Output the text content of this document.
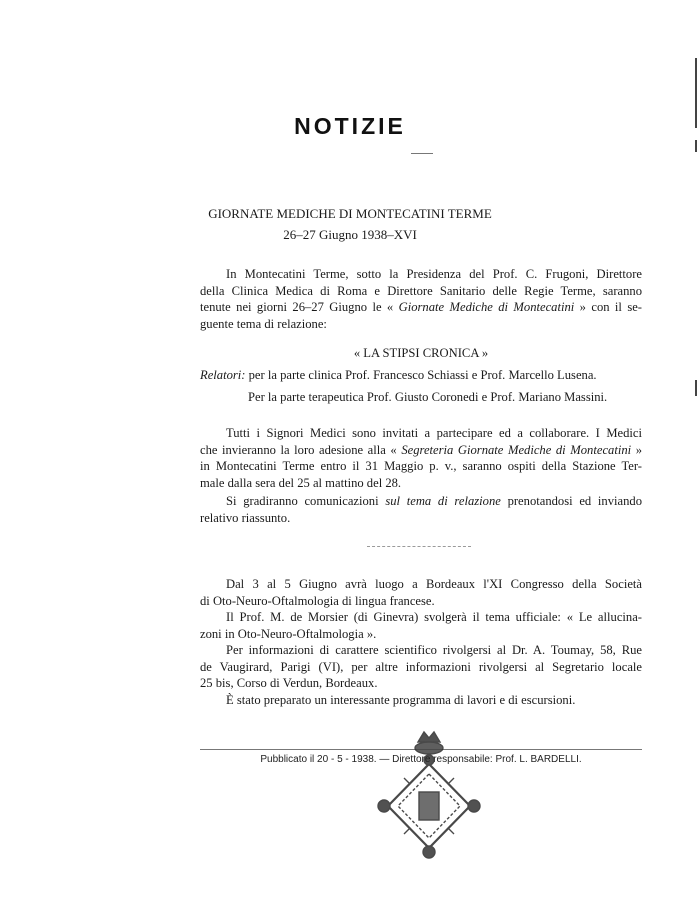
NOTIZIE
GIORNATE MEDICHE DI MONTECATINI TERME
26–27 Giugno 1938–XVI
In Montecatini Terme, sotto la Presidenza del Prof. C. Frugoni, Direttore
della Clinica Medica di Roma e Direttore Sanitario delle Regie Terme, saranno
tenute nei giorni 26–27 Giugno le « Giornate Mediche di Montecatini » con il se-
guente tema di relazione:
« LA STIPSI CRONICA »
Relatori: per la parte clinica Prof. Francesco Schiassi e Prof. Marcello Lusena.
Per la parte terapeutica Prof. Giusto Coronedi e Prof. Mariano Massini.
Tutti i Signori Medici sono invitati a partecipare ed a collaborare. I Medici
che invieranno la loro adesione alla « Segreteria Giornate Mediche di Montecatini »
in Montecatini Terme entro il 31 Maggio p. v., saranno ospiti della Stazione Ter-
male dalla sera del 25 al mattino del 28.
Si gradiranno comunicazioni sul tema di relazione prenotandosi ed inviando
relativo riassunto.
Dal 3 al 5 Giugno avrà luogo a Bordeaux l'XI Congresso della Società
di Oto-Neuro-Oftalmologia di lingua francese.
Il Prof. M. de Morsier (di Ginevra) svolgerà il tema ufficiale: « Le allucina-
zoni in Oto-Neuro-Oftalmologia ».
Per informazioni di carattere scientifico rivolgersi al Dr. A. Toumay, 58, Rue
de Vaugirard, Parigi (VI), per altre informazioni rivolgersi al Segretario locale
25 bis, Corso di Verdun, Bordeaux.
È stato preparato un interessante programma di lavori e di escursioni.
Pubblicato il 20 - 5 - 1938. — Direttore responsabile: Prof. L. BARDELLI.
